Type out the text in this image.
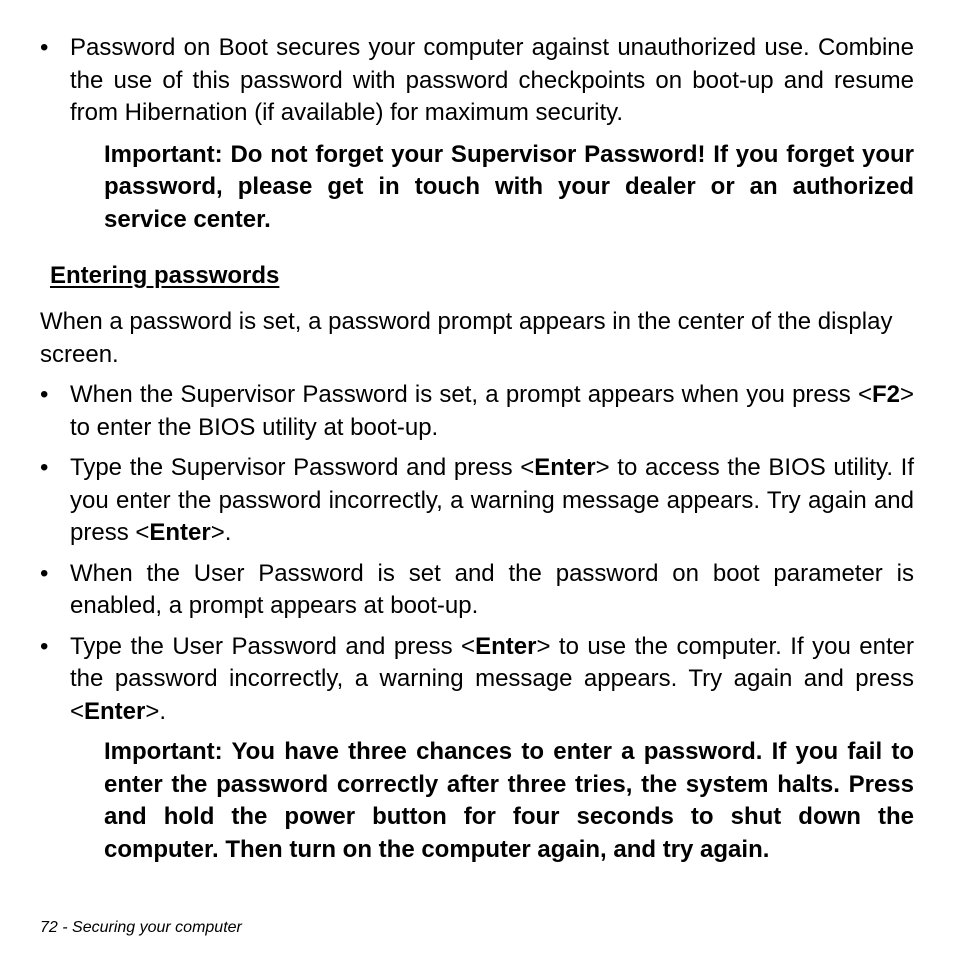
• Password on Boot secures your computer against unauthorized use. Combine the use of this password with password checkpoints on boot-up and resume from Hibernation (if available) for maximum security.
Important: Do not forget your Supervisor Password! If you forget your password, please get in touch with your dealer or an authorized service center.
Entering passwords
When a password is set, a password prompt appears in the center of the display screen.
• When the Supervisor Password is set, a prompt appears when you press <F2> to enter the BIOS utility at boot-up.
• Type the Supervisor Password and press <Enter> to access the BIOS utility. If you enter the password incorrectly, a warning message appears. Try again and press <Enter>.
• When the User Password is set and the password on boot parameter is enabled, a prompt appears at boot-up.
• Type the User Password and press <Enter> to use the computer. If you enter the password incorrectly, a warning message appears. Try again and press <Enter>.
Important: You have three chances to enter a password. If you fail to enter the password correctly after three tries, the system halts. Press and hold the power button for four seconds to shut down the computer. Then turn on the computer again, and try again.
72 - Securing your computer
